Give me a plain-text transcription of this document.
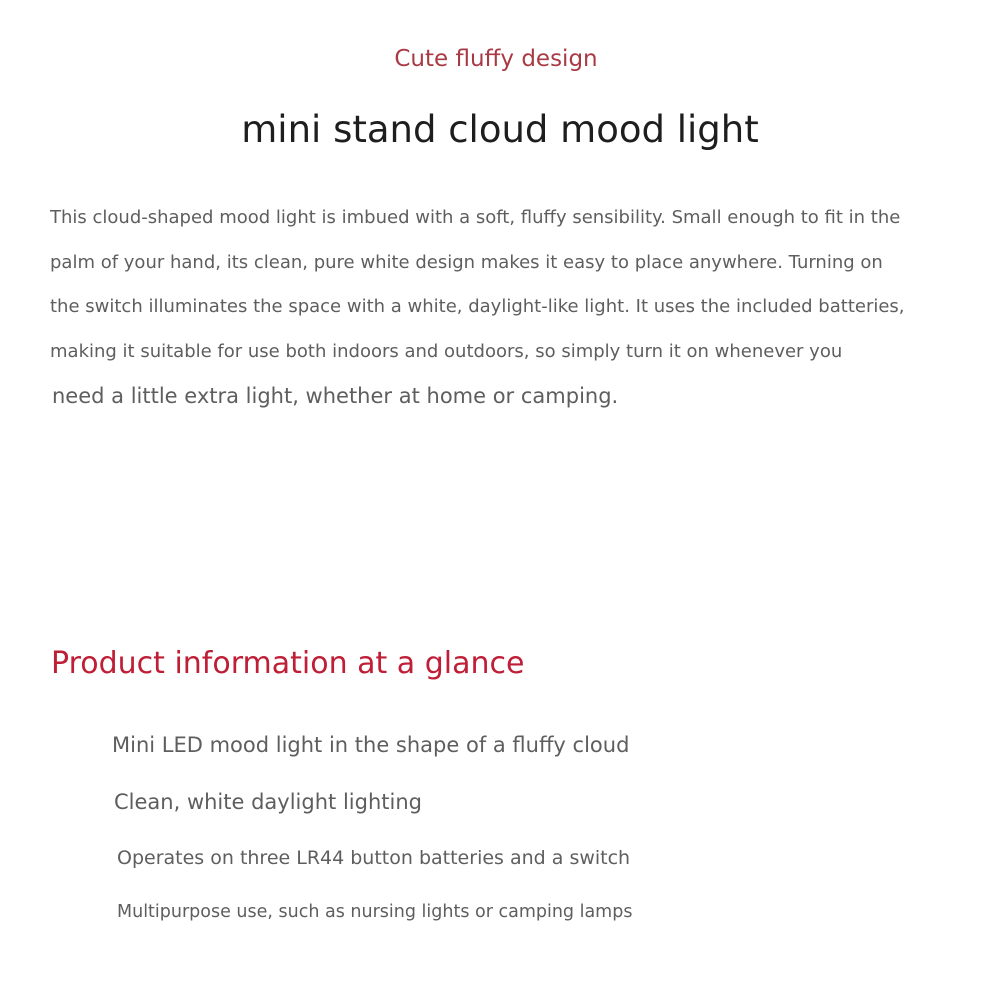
Cute fluffy design

mini stand cloud mood light

This cloud-shaped mood light is imbued with a soft, fluffy sensibility. Small enough to fit in the
palm of your hand, its clean, pure white design makes it easy to place anywhere. Turning on
the switch illuminates the space with a white, daylight-like light. It uses the included batteries,
making it suitable for use both indoors and outdoors, so simply turn it on whenever you
need a little extra light, whether at home or camping.

Product information at a glance
Mini LED mood light in the shape of a fluffy cloud
Clean, white daylight lighting
Operates on three LR44 button batteries and a switch
Multipurpose use, such as nursing lights or camping lamps
